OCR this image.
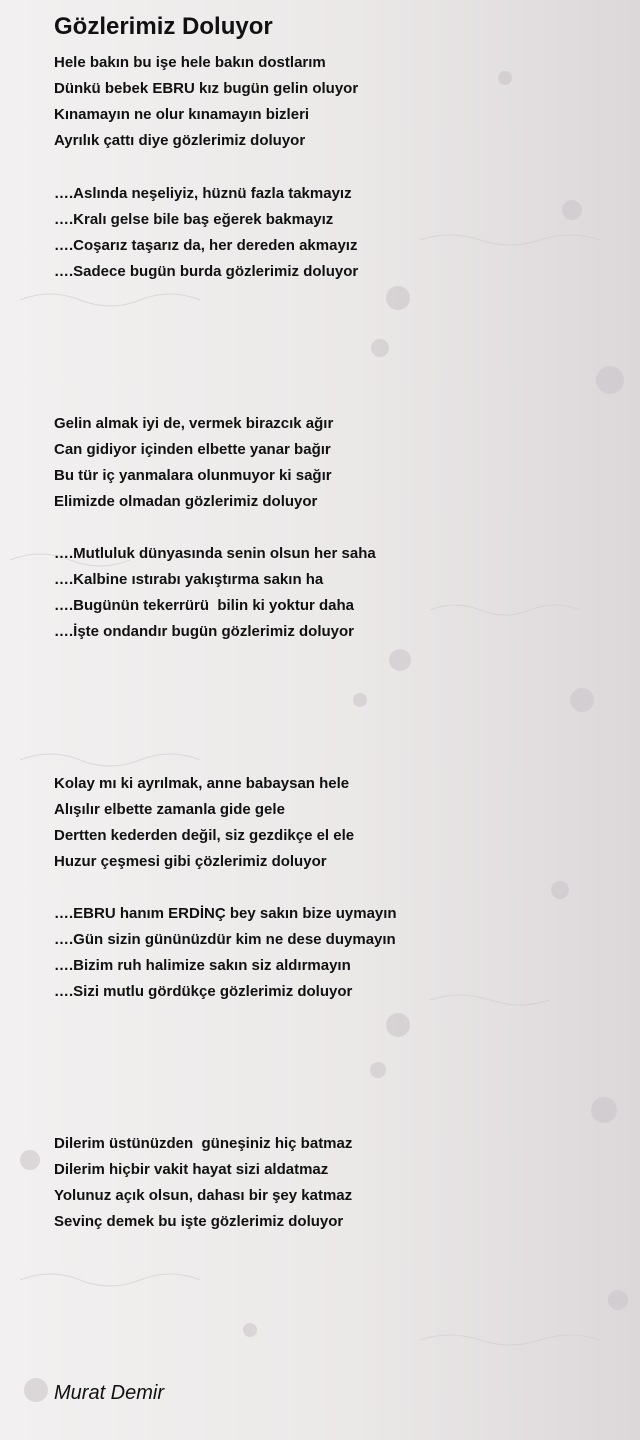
Gözlerimiz Doluyor
Hele bakın bu işe hele bakın dostlarım
Dünkü bebek EBRU kız bugün gelin oluyor
Kınamayın ne olur kınamayın bizleri
Ayrılık çattı diye gözlerimiz doluyor
….Aslında neşeliyiz, hüznü fazla takmayız
….Kralı gelse bile baş eğerek bakmayız
….Coşarız taşarız da, her dereden akmayız
….Sadece bugün burda gözlerimiz doluyor
Gelin almak iyi de, vermek birazcık ağır
Can gidiyor içinden elbette yanar bağır
Bu tür iç yanmalara olunmuyor ki sağır
Elimizde olmadan gözlerimiz doluyor
….Mutluluk dünyasında senin olsun her saha
….Kalbine ıstırabı yakıştırma sakın ha
….Bugünün tekerrürü  bilin ki yoktur daha
….İşte ondandır bugün gözlerimiz doluyor
Kolay mı ki ayrılmak, anne babaysan hele
Alışılır elbette zamanla gide gele
Dertten kederden değil, siz gezdikçe el ele
Huzur çeşmesi gibi çözlerimiz doluyor
….EBRU hanım ERDİNÇ bey sakın bize uymayın
….Gün sizin gününüzdür kim ne dese duymayın
….Bizim ruh halimize sakın siz aldırmayın
….Sizi mutlu gördükçe gözlerimiz doluyor
Dilerim üstünüzden  güneşiniz hiç batmaz
Dilerim hiçbir vakit hayat sizi aldatmaz
Yolunuz açık olsun, dahası bir şey katmaz
Sevinç demek bu işte gözlerimiz doluyor
Murat Demir
